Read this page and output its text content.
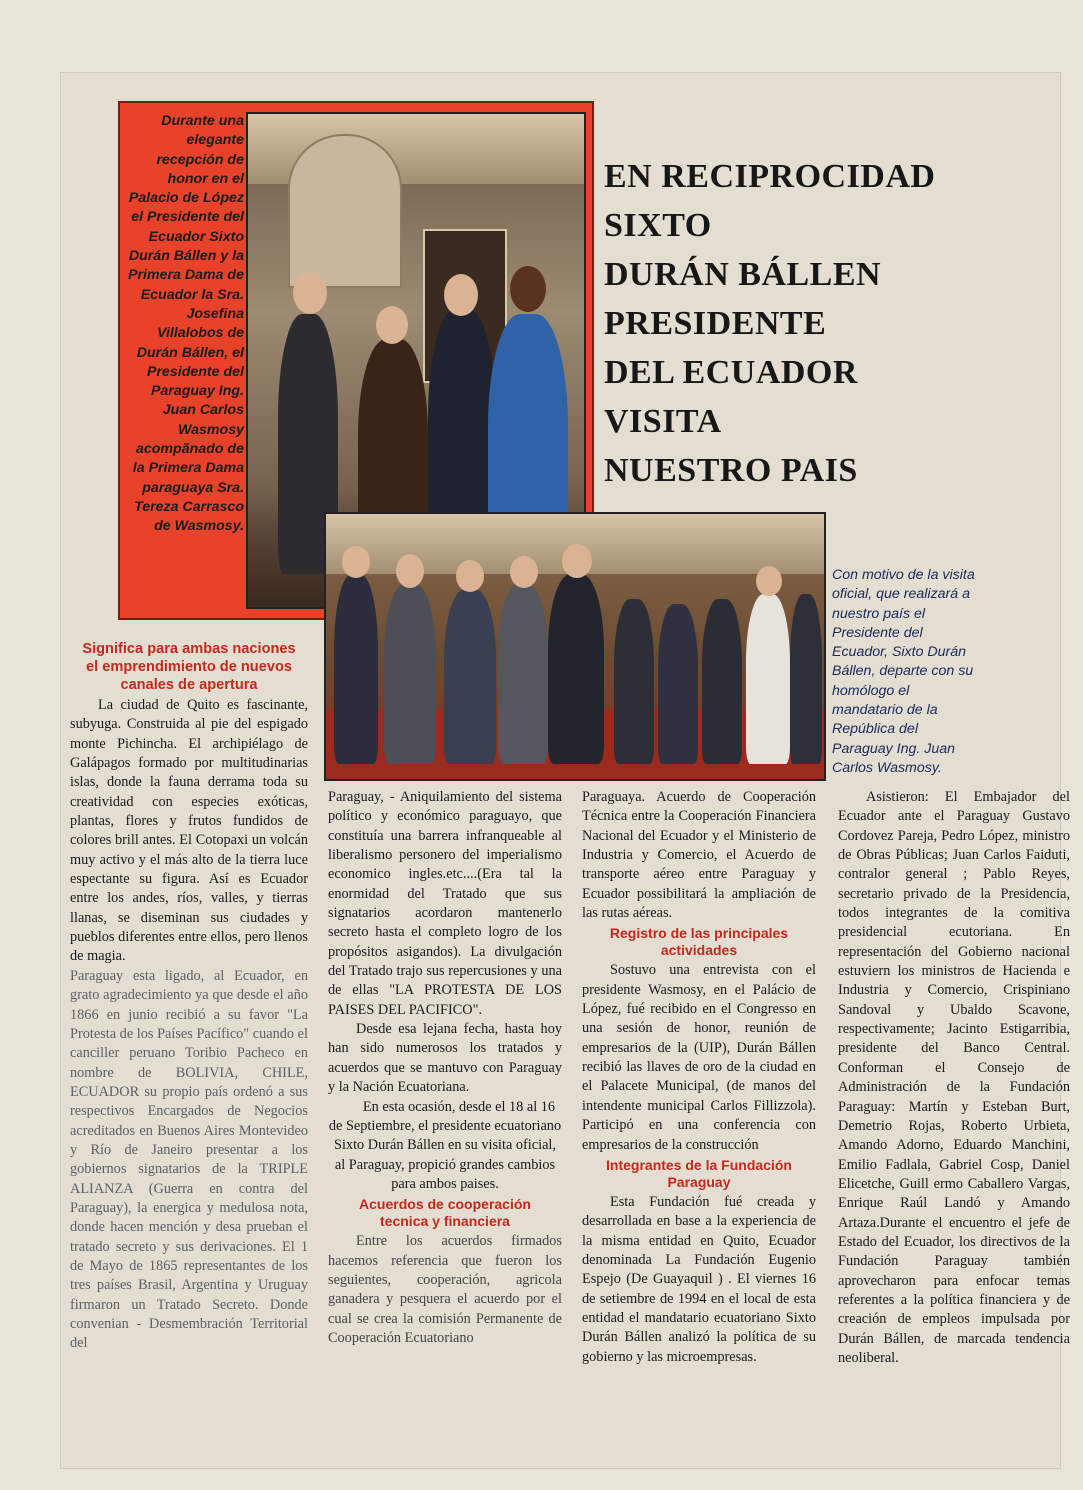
Durante una elegante recepción de honor en el Palacio de López el Presidente del Ecuador Sixto Durán Bállen y la Primera Dama de Ecuador la Sra. Josefina Villalobos de Durán Bállen, el Presidente del Paraguay Ing. Juan Carlos Wasmosy acompãnado de la Primera Dama paraguaya Sra. Tereza Carrasco de Wasmosy.
EN RECIPROCIDAD
SIXTO
DURÁN BÁLLEN
PRESIDENTE
DEL ECUADOR
VISITA
NUESTRO PAIS
Con motivo de la visita oficial, que realizará a nuestro país el Presidente del Ecuador, Sixto Durán Bállen, departe con su homólogo el mandatario de la República del Paraguay Ing. Juan Carlos Wasmosy.
Significa para ambas naciones
el emprendimiento de nuevos
canales de apertura

La ciudad de Quito es fascinante, subyuga. Construida al pie del espigado monte Pichincha. El archipiélago de Galápagos formado por multitudinarias islas, donde la fauna derrama toda su creatividad con especies exóticas, plantas, flores y frutos fundidos de colores brill antes. El Cotopaxi un volcán muy activo y el más alto de la tierra luce espectante su figura. Así es Ecuador entre los andes, ríos, valles, y tierras llanas, se diseminan sus ciudades y pueblos diferentes entre ellos, pero llenos de magia.

Paraguay esta ligado, al Ecuador, en grato agradecimiento ya que desde el año 1866 en junio recibió a su favor "La Protesta de los Países Pacífico" cuando el canciller peruano Toribio Pacheco en nombre de BOLIVIA, CHILE, ECUADOR su propio país ordenó a sus respectivos Encargados de Negocios acreditados en Buenos Aires Montevideo y Río de Janeiro presentar a los gobiernos signatarios de la TRIPLE ALIANZA (Guerra en contra del Paraguay), la energica y medulosa nota, donde hacen mención y desa prueban el tratado secreto y sus derivaciones. El 1 de Mayo de 1865 representantes de los tres países Brasil, Argentina y Uruguay firmaron un Tratado Secreto. Donde convenian - Desmembración Territorial del

Paraguay, - Aniquilamiento del sistema político y económico paraguayo, que constituía una barrera infranqueable al liberalismo personero del imperialismo economico ingles.etc....(Era tal la enormidad del Tratado que sus signatarios acordaron mantenerlo secreto hasta el completo logro de los propósitos asigandos). La divulgación del Tratado trajo sus repercusiones y una de ellas "LA PROTESTA DE LOS PAISES DEL PACIFICO".

Desde esa lejana fecha, hasta hoy han sido numerosos los tratados y acuerdos que se mantuvo con Paraguay y la Nación Ecuatoriana.

En esta ocasión, desde el 18 al 16 de Septiembre, el presidente ecuatoriano Sixto Durán Bállen en su visita oficial, al Paraguay, propició grandes cambios para ambos paises.

Acuerdos de cooperación
tecnica y financiera

Entre los acuerdos firmados hacemos referencia que fueron los seguientes, cooperación, agricola ganadera y pesquera el acuerdo por el cual se crea la comisión Permanente de Cooperación Ecuatoriano

Paraguaya. Acuerdo de Cooperación Técnica entre la Cooperación Financiera Nacional del Ecuador y el Ministerio de Industria y Comercio, el Acuerdo de transporte aéreo entre Paraguay y Ecuador possibilitará la ampliación de las rutas aéreas.

Registro de las principales
actividades

Sostuvo una entrevista con el presidente Wasmosy, en el Palácio de López, fué recibido en el Congresso en una sesión de honor, reunión de empresarios de la (UIP), Durán Bállen recibió las llaves de oro de la ciudad en el Palacete Municipal, (de manos del intendente municipal Carlos Fillizzola). Participó en una conferencia con empresarios de la construcción

Integrantes de la Fundación
Paraguay

Esta Fundación fué creada y desarrollada en base a la experiencia de la misma entidad en Quito, Ecuador denominada La Fundación Eugenio Espejo (De Guayaquil ) . El viernes 16 de setiembre de 1994 en el local de esta entidad el mandatario ecuatoriano Sixto Durán Bállen analizó la política de su gobierno y las microempresas.

Asistieron: El Embajador del Ecuador ante el Paraguay Gustavo Cordovez Pareja, Pedro López, ministro de Obras Públicas; Juan Carlos Faiduti, contralor general ; Pablo Reyes, secretario privado de la Presidencia, todos integrantes de la comitiva presidencial ecutoriana. En representación del Gobierno nacional estuviern los ministros de Hacienda e Industria y Comercio, Crispiniano Sandoval y Ubaldo Scavone, respectivamente; Jacinto Estigarribia, presidente del Banco Central. Conforman el Consejo de Administración de la Fundación Paraguay: Martín y Esteban Burt, Demetrio Rojas, Roberto Urbieta, Amando Adorno, Eduardo Manchini, Emilio Fadlala, Gabriel Cosp, Daniel Elicetche, Guill ermo Caballero Vargas, Enrique Raúl Landó y Amando Artaza.Durante el encuentro el jefe de Estado del Ecuador, los directivos de la Fundación Paraguay también aprovecharon para enfocar temas referentes a la política financiera y de creación de empleos impulsada por Durán Bállen, de marcada tendencia neoliberal.
